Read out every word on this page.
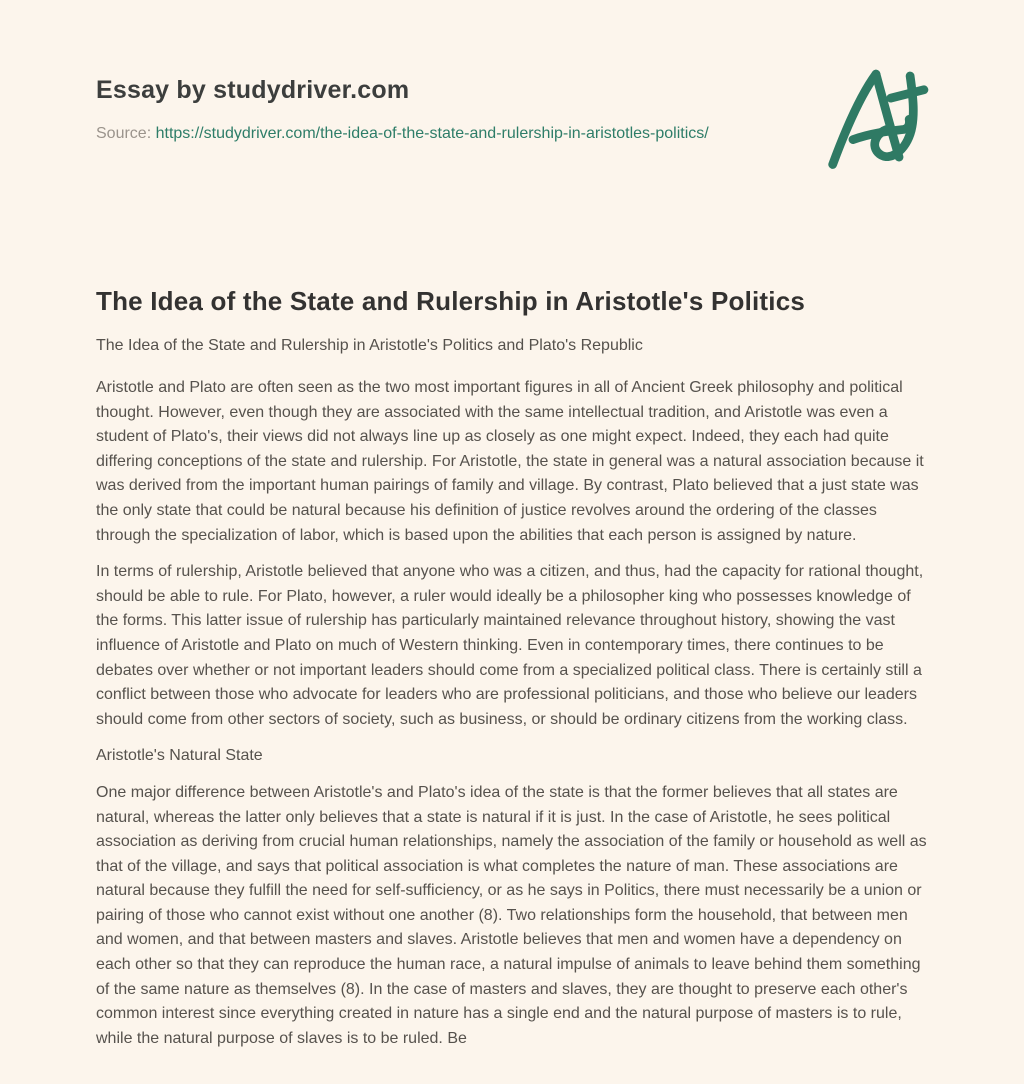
Essay by studydriver.com
Source: https://studydriver.com/the-idea-of-the-state-and-rulership-in-aristotles-politics/
The Idea of the State and Rulership in Aristotle's Politics

The Idea of the State and Rulership in Aristotle's Politics and Plato's Republic

Aristotle and Plato are often seen as the two most important figures in all of Ancient Greek philosophy and political thought. However, even though they are associated with the same intellectual tradition, and Aristotle was even a student of Plato's, their views did not always line up as closely as one might expect. Indeed, they each had quite differing conceptions of the state and rulership. For Aristotle, the state in general was a natural association because it was derived from the important human pairings of family and village. By contrast, Plato believed that a just state was the only state that could be natural because his definition of justice revolves around the ordering of the classes through the specialization of labor, which is based upon the abilities that each person is assigned by nature.

In terms of rulership, Aristotle believed that anyone who was a citizen, and thus, had the capacity for rational thought, should be able to rule. For Plato, however, a ruler would ideally be a philosopher king who possesses knowledge of the forms. This latter issue of rulership has particularly maintained relevance throughout history, showing the vast influence of Aristotle and Plato on much of Western thinking. Even in contemporary times, there continues to be debates over whether or not important leaders should come from a specialized political class. There is certainly still a conflict between those who advocate for leaders who are professional politicians, and those who believe our leaders should come from other sectors of society, such as business, or should be ordinary citizens from the working class.

Aristotle's Natural State

One major difference between Aristotle's and Plato's idea of the state is that the former believes that all states are natural, whereas the latter only believes that a state is natural if it is just. In the case of Aristotle, he sees political association as deriving from crucial human relationships, namely the association of the family or household as well as that of the village, and says that political association is what completes the nature of man. These associations are natural because they fulfill the need for self-sufficiency, or as he says in Politics, there must necessarily be a union or pairing of those who cannot exist without one another (8). Two relationships form the household, that between men and women, and that between masters and slaves. Aristotle believes that men and women have a dependency on each other so that they can reproduce the human race, a natural impulse of animals to leave behind them something of the same nature as themselves (8). In the case of masters and slaves, they are thought to preserve each other's common interest since everything created in nature has a single end and the natural purpose of masters is to rule, while the natural purpose of slaves is to be ruled. Be
